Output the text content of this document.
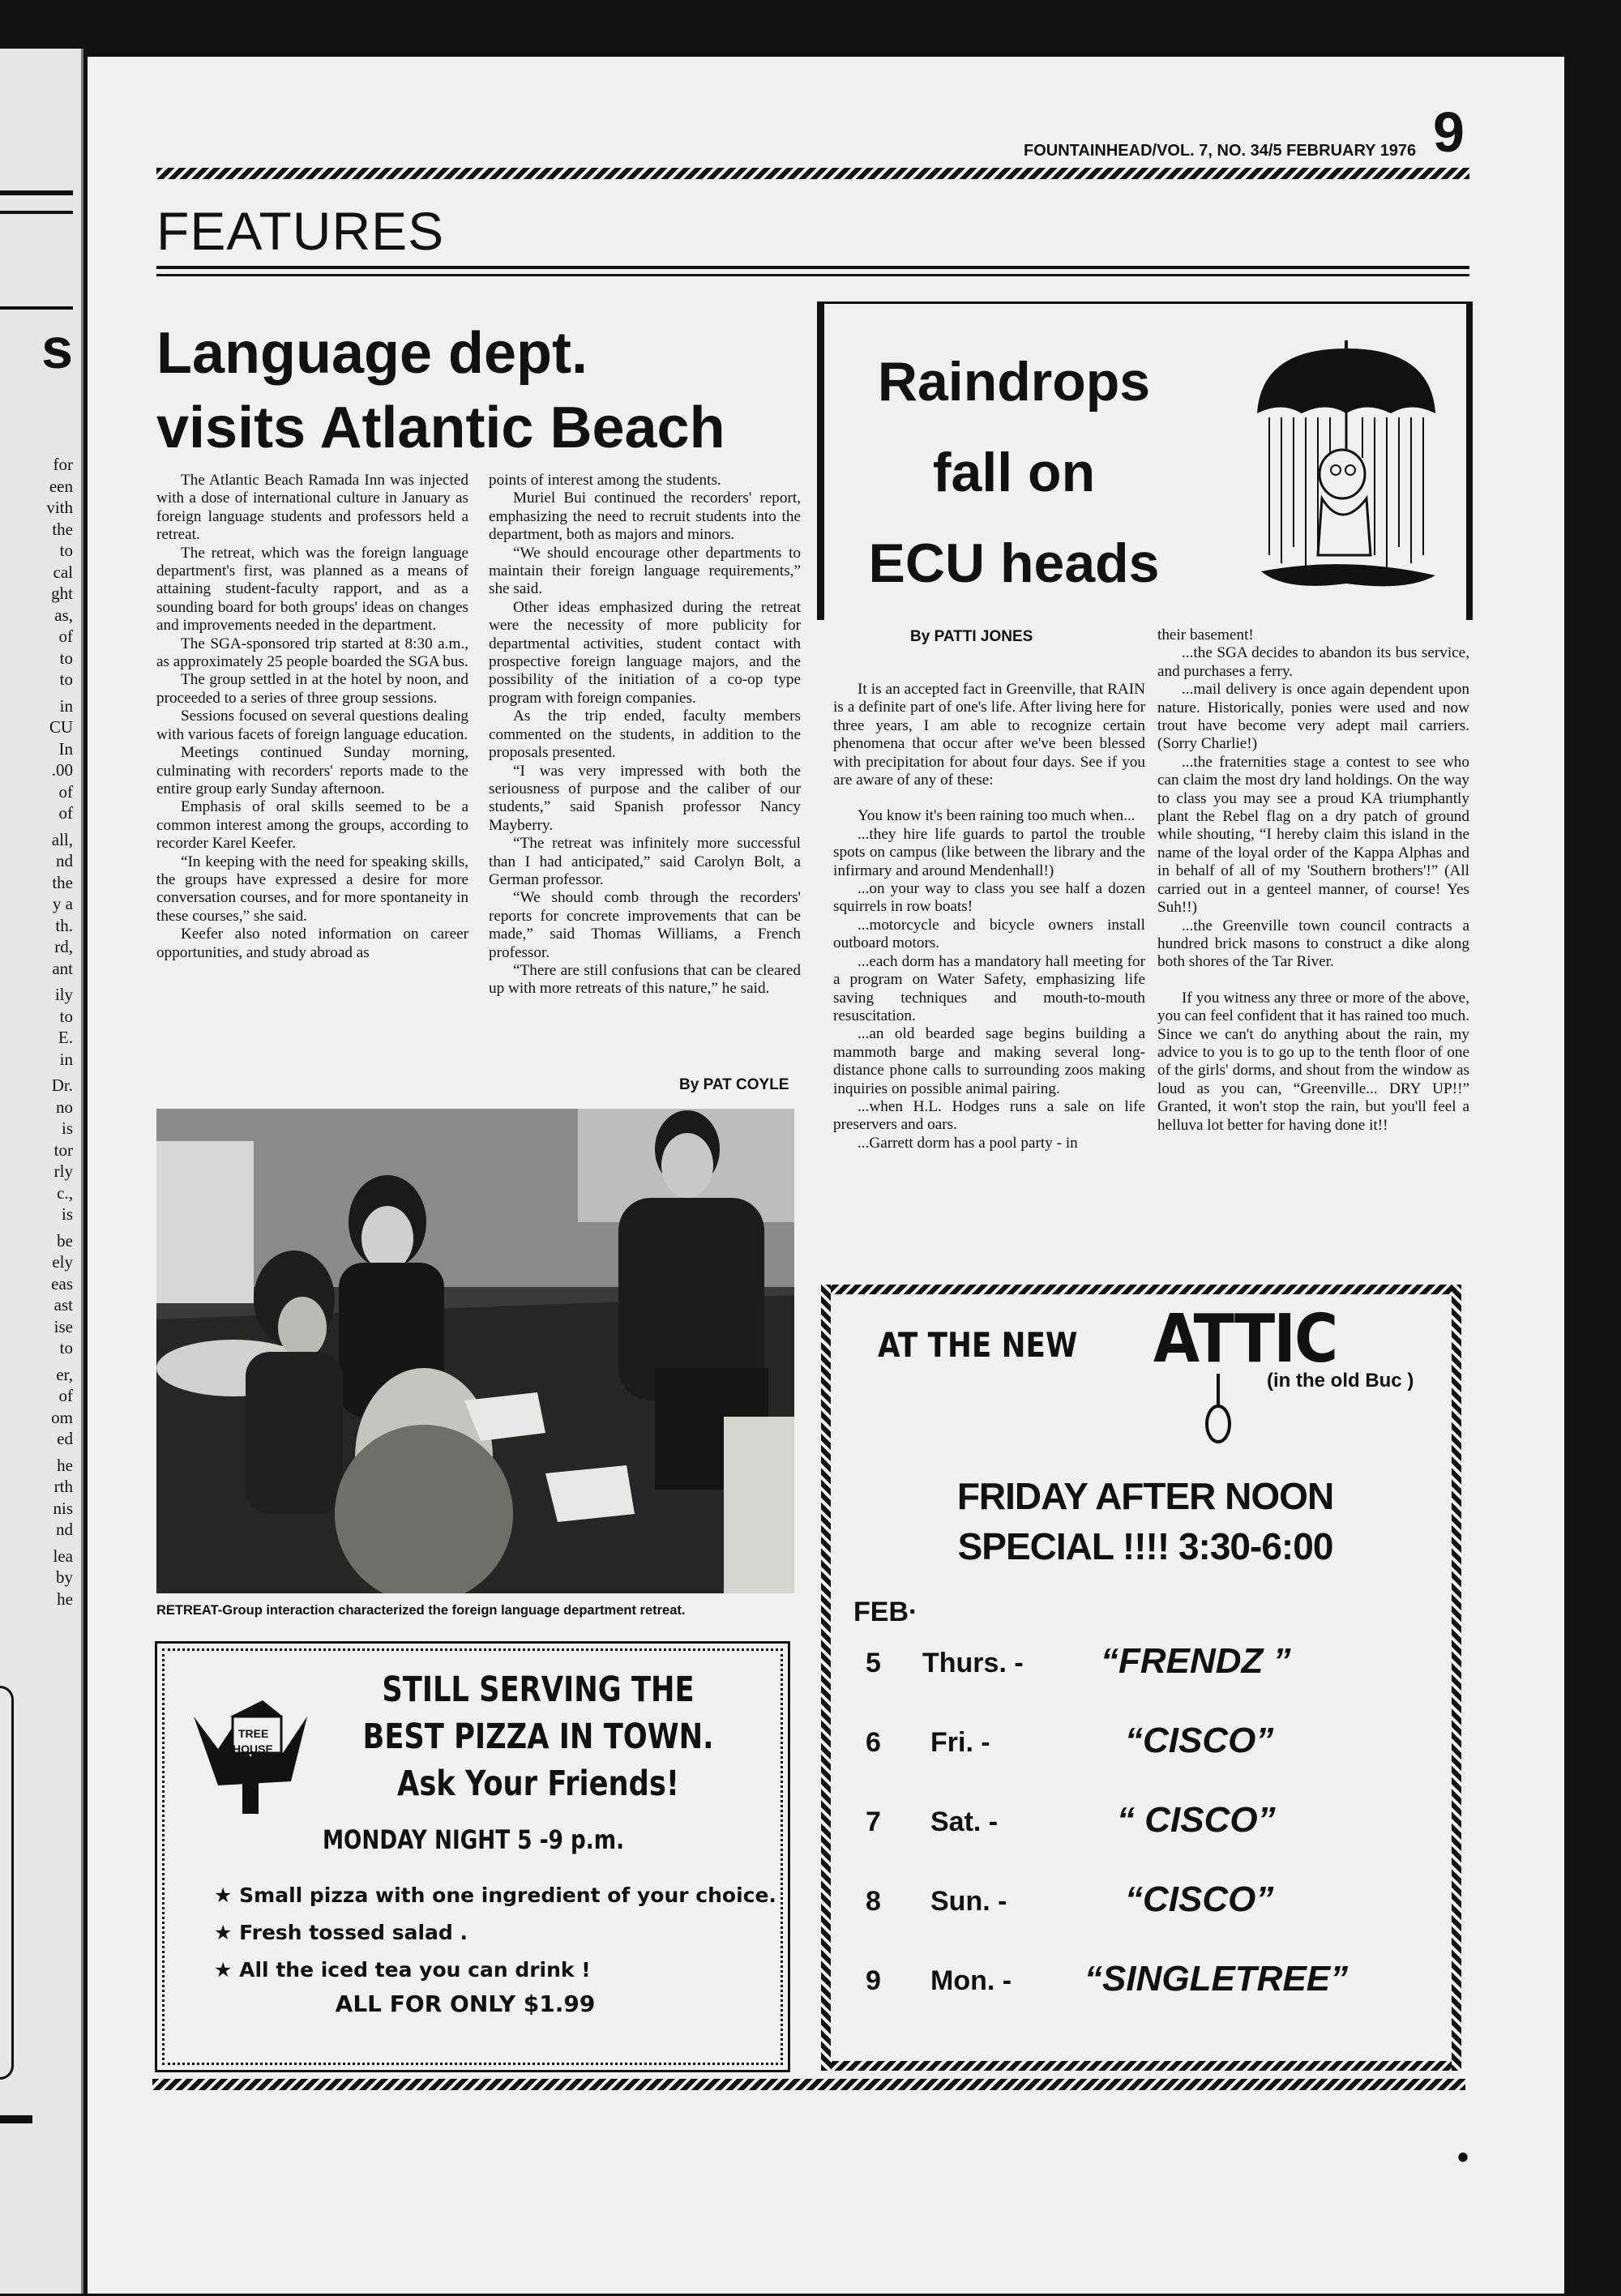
s
for
een
vith
the
to
cal
ght
as,
of
to
to
in
CU
In
.00
of
of
all,
nd
the
y a
th.
rd,
ant
ily
to
E.
in
Dr.
no
is
tor
rly
c.,
is
be
ely
eas
ast
ise
to
er,
of
om
ed
he
rth
nis
nd
lea
by
he
FOUNTAINHEAD/VOL. 7, NO. 34/5 FEBRUARY 1976 9
FEATURES
Language dept.
visits Atlantic Beach

The Atlantic Beach Ramada Inn was injected with a dose of international culture in January as foreign language students and professors held a retreat.

The retreat, which was the foreign language department's first, was planned as a means of attaining student-faculty rapport, and as a sounding board for both groups' ideas on changes and improvements needed in the department.

The SGA-sponsored trip started at 8:30 a.m., as approximately 25 people boarded the SGA bus.

The group settled in at the hotel by noon, and proceeded to a series of three group sessions.

Sessions focused on several questions dealing with various facets of foreign language education.

Meetings continued Sunday morning, culminating with recorders' reports made to the entire group early Sunday afternoon.

Emphasis of oral skills seemed to be a common interest among the groups, according to recorder Karel Keefer.

“In keeping with the need for speaking skills, the groups have expressed a desire for more conversation courses, and for more spontaneity in these courses,” she said.

Keefer also noted information on career opportunities, and study abroad as

points of interest among the students.

Muriel Bui continued the recorders' report, emphasizing the need to recruit students into the department, both as majors and minors.

“We should encourage other departments to maintain their foreign language requirements,” she said.

Other ideas emphasized during the retreat were the necessity of more publicity for departmental activities, student contact with prospective foreign language majors, and the possibility of the initiation of a co-op type program with foreign companies.

As the trip ended, faculty members commented on the students, in addition to the proposals presented.

“I was very impressed with both the seriousness of purpose and the caliber of our students,” said Spanish professor Nancy Mayberry.

“The retreat was infinitely more successful than I had anticipated,” said Carolyn Bolt, a German professor.

“We should comb through the recorders' reports for concrete improvements that can be made,” said Thomas Williams, a French professor.

“There are still confusions that can be cleared up with more retreats of this nature,” he said.

By PAT COYLE
RETREAT-Group interaction characterized the foreign language department retreat.
TREE
HOUSE
STILL SERVING THE
BEST PIZZA IN TOWN.
Ask Your Friends!
MONDAY NIGHT 5 -9 p.m.
★ Small pizza with one ingredient of your choice.
★ Fresh tossed salad .
★ All the iced tea you can drink !
ALL FOR ONLY $1.99
Raindrops
fall on
ECU heads
By PATTI JONES

It is an accepted fact in Greenville, that RAIN is a definite part of one's life. After living here for three years, I am able to recognize certain phenomena that occur after we've been blessed with precipitation for about four days. See if you are aware of any of these:

You know it's been raining too much when...

...they hire life guards to partol the trouble spots on campus (like between the library and the infirmary and around Mendenhall!)

...on your way to class you see half a dozen squirrels in row boats!

...motorcycle and bicycle owners install outboard motors.

...each dorm has a mandatory hall meeting for a program on Water Safety, emphasizing life saving techniques and mouth-to-mouth resuscitation.

...an old bearded sage begins building a mammoth barge and making several long-distance phone calls to surrounding zoos making inquiries on possible animal pairing.

...when H.L. Hodges runs a sale on life preservers and oars.

...Garrett dorm has a pool party - in

their basement!

...the SGA decides to abandon its bus service, and purchases a ferry.

...mail delivery is once again dependent upon nature. Historically, ponies were used and now trout have become very adept mail carriers. (Sorry Charlie!)

...the fraternities stage a contest to see who can claim the most dry land holdings. On the way to class you may see a proud KA triumphantly plant the Rebel flag on a dry patch of ground while shouting, “I hereby claim this island in the name of the loyal order of the Kappa Alphas and in behalf of all of my 'Southern brothers'!” (All carried out in a genteel manner, of course! Yes Suh!!)

...the Greenville town council contracts a hundred brick masons to construct a dike along both shores of the Tar River.

If you witness any three or more of the above, you can feel confident that it has rained too much. Since we can't do anything about the rain, my advice to you is to go up to the tenth floor of one of the girls' dorms, and shout from the window as loud as you can, “Greenville... DRY UP!!” Granted, it won't stop the rain, but you'll feel a helluva lot better for having done it!!

AT THE NEW ATTIC
(in the old Buc )
FRIDAY AFTER NOON
SPECIAL !!!! 3:30-6:00
FEB·
5 Thurs. - “FRENDZ ”
6 Fri. -	“CISCO”
7 Sat. -	“ CISCO”
8 Sun. -	“CISCO”
9 Mon. - “SINGLETREE”
•
